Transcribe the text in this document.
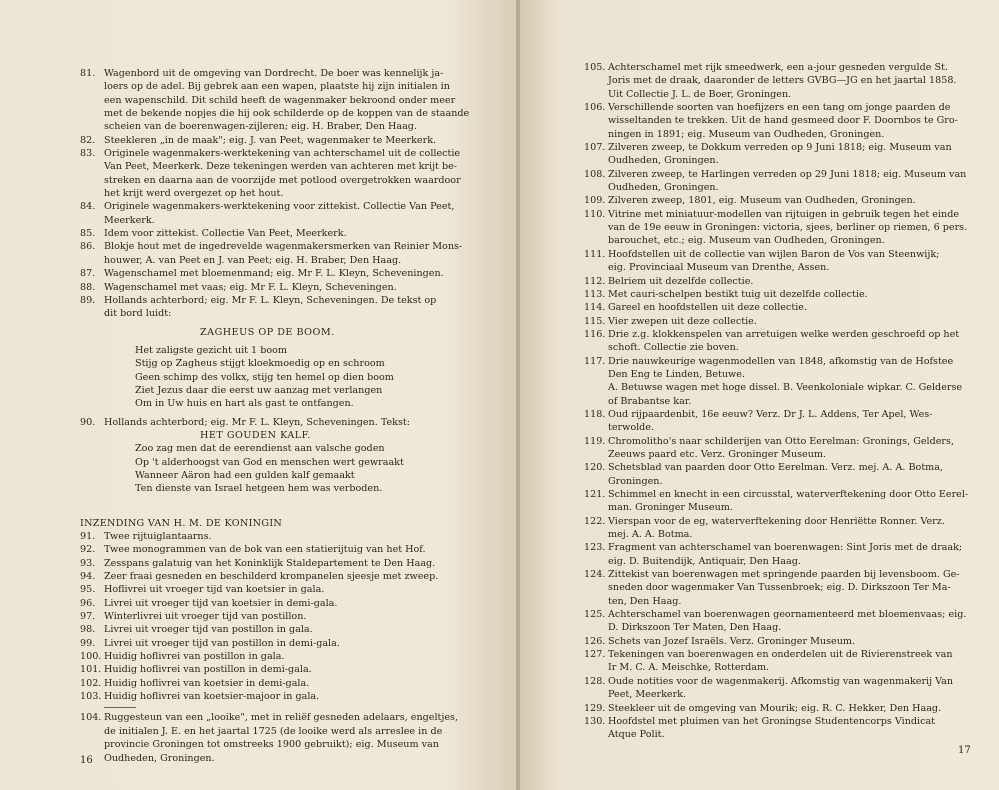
81. Wagenbord uit de omgeving van Dordrecht. De boer was kennelijk ja-
loers op de adel. Bij gebrek aan een wapen, plaatste hij zijn initialen in
een wapenschild. Dit schild heeft de wagenmaker bekroond onder meer
met de bekende nopjes die hij ook schilderde op de koppen van de staande
scheien van de boerenwagen-zijleren; eig. H. Braber, Den Haag.
82. Steekleren „in de maak"; eig. J. van Peet, wagenmaker te Meerkerk.
83. Originele wagenmakers-werktekening van achterschamel uit de collectie
Van Peet, Meerkerk. Deze tekeningen werden van achteren met krijt be-
streken en daarna aan de voorzijde met potlood overgetrokken waardoor
het krijt werd overgezet op het hout.
84. Originele wagenmakers-werktekening voor zittekist. Collectie Van Peet,
Meerkerk.
85. Idem voor zittekist. Collectie Van Peet, Meerkerk.
86. Blokje hout met de ingedrevelde wagenmakersmerken van Reinier Mons-
houwer, A. van Peet en J. van Peet; eig. H. Braber, Den Haag.
87. Wagenschamel met bloemenmand; eig. Mr F. L. Kleyn, Scheveningen.
88. Wagenschamel met vaas; eig. Mr F. L. Kleyn, Scheveningen.
89. Hollands achterbord; eig. Mr F. L. Kleyn, Scheveningen. De tekst op
dit bord luidt:
ZAGHEUS OP DE BOOM.
Het zaligste gezicht uit 1 boom
Stijg op Zagheus stijgt kloekmoedig op en schroom
Geen schimp des volkx, stijg ten hemel op dien boom
Ziet Jezus daar die eerst uw aanzag met verlangen
Om in Uw huis en hart als gast te ontfangen.
90. Hollands achterbord; eig. Mr F. L. Kleyn, Scheveningen. Tekst:
HET GOUDEN KALF.
Zoo zag men dat de eerendienst aan valsche goden
Op 't alderhoogst van God en menschen wert gewraakt
Wanneer Aäron had een gulden kalf gemaakt
Ten dienste van Israel hetgeen hem was verboden.
INZENDING VAN H. M. DE KONINGIN
91. Twee rijtuiglantaarns.
92. Twee monogrammen van de bok van een statierijtuig van het Hof.
93. Zesspans galatuig van het Koninklijk Staldepartement te Den Haag.
94. Zeer fraai gesneden en beschilderd krompanelen sjeesje met zweep.
95. Hoflivrei uit vroeger tijd van koetsier in gala.
96. Livrei uit vroeger tijd van koetsier in demi-gala.
97. Winterlivrei uit vroeger tijd van postillon.
98. Livrei uit vroeger tijd van postillon in gala.
99. Livrei uit vroeger tijd van postillon in demi-gala.
100. Huidig hoflivrei van postillon in gala.
101. Huidig hoflivrei van postillon in demi-gala.
102. Huidig hoflivrei van koetsier in demi-gala.
103. Huidig hoflivrei van koetsier-majoor in gala.
104. Ruggesteun van een „looike", met in reliëf gesneden adelaars, engeltjes,
de initialen J. E. en het jaartal 1725 (de looike werd als arreslee in de
provincie Groningen tot omstreeks 1900 gebruikt); eig. Museum van
Oudheden, Groningen.
16
105. Achterschamel met rijk smeedwerk, een a-jour gesneden vergulde St.
Joris met de draak, daaronder de letters GVBG—JG en het jaartal 1858.
Uit Collectie J. L. de Boer, Groningen.
106. Verschillende soorten van hoefijzers en een tang om jonge paarden de
wisseltanden te trekken. Uit de hand gesmeed door F. Doornbos te Gro-
ningen in 1891; eig. Museum van Oudheden, Groningen.
107. Zilveren zweep, te Dokkum verreden op 9 Juni 1818; eig. Museum van
Oudheden, Groningen.
108. Zilveren zweep, te Harlingen verreden op 29 Juni 1818; eig. Museum van
Oudheden, Groningen.
109. Zilveren zweep, 1801, eig. Museum van Oudheden, Groningen.
110. Vitrine met miniatuur-modellen van rijtuigen in gebruik tegen het einde
van de 19e eeuw in Groningen: victoria, sjees, berliner op riemen, 6 pers.
barouchet, etc.; eig. Museum van Oudheden, Groningen.
111. Hoofdstellen uit de collectie van wijlen Baron de Vos van Steenwijk;
eig. Provinciaal Museum van Drenthe, Assen.
112. Belriem uit dezelfde collectie.
113. Met cauri-schelpen bestikt tuig uit dezelfde collectie.
114. Gareel en hoofdstellen uit deze collectie.
115. Vier zwepen uit deze collectie.
116. Drie z.g. klokkenspelen van arretuigen welke werden geschroefd op het
schoft. Collectie zie boven.
117. Drie nauwkeurige wagenmodellen van 1848, afkomstig van de Hofstee
Den Eng te Linden, Betuwe.
A. Betuwse wagen met hoge dissel. B. Veenkoloniale wipkar. C. Gelderse
of Brabantse kar.
118. Oud rijpaardenbit, 16e eeuw? Verz. Dr J. L. Addens, Ter Apel, Wes-
terwolde.
119. Chromolitho's naar schilderijen van Otto Eerelman: Gronings, Gelders,
Zeeuws paard etc. Verz. Groninger Museum.
120. Schetsblad van paarden door Otto Eerelman. Verz. mej. A. A. Botma,
Groningen.
121. Schimmel en knecht in een circusstal, waterverftekening door Otto Eerel-
man. Groninger Museum.
122. Vierspan voor de eg, waterverftekening door Henriëtte Ronner. Verz.
mej. A. A. Botma.
123. Fragment van achterschamel van boerenwagen: Sint Joris met de draak;
eig. D. Buitendijk, Antiquair, Den Haag.
124. Zittekist van boerenwagen met springende paarden bij levensboom. Ge-
sneden door wagenmaker Van Tussenbroek; eig. D. Dirkszoon Ter Ma-
ten, Den Haag.
125. Achterschamel van boerenwagen geornamenteerd met bloemenvaas; eig.
D. Dirkszoon Ter Maten, Den Haag.
126. Schets van Jozef Israëls. Verz. Groninger Museum.
127. Tekeningen van boerenwagen en onderdelen uit de Rivierenstreek van
Ir M. C. A. Meischke, Rotterdam.
128. Oude notities voor de wagenmakerij. Afkomstig van wagenmakerij Van
Peet, Meerkerk.
129. Steekleer uit de omgeving van Mourik; eig. R. C. Hekker, Den Haag.
130. Hoofdstel met pluimen van het Groningse Studentencorps Vindicat
Atque Polit.
17
